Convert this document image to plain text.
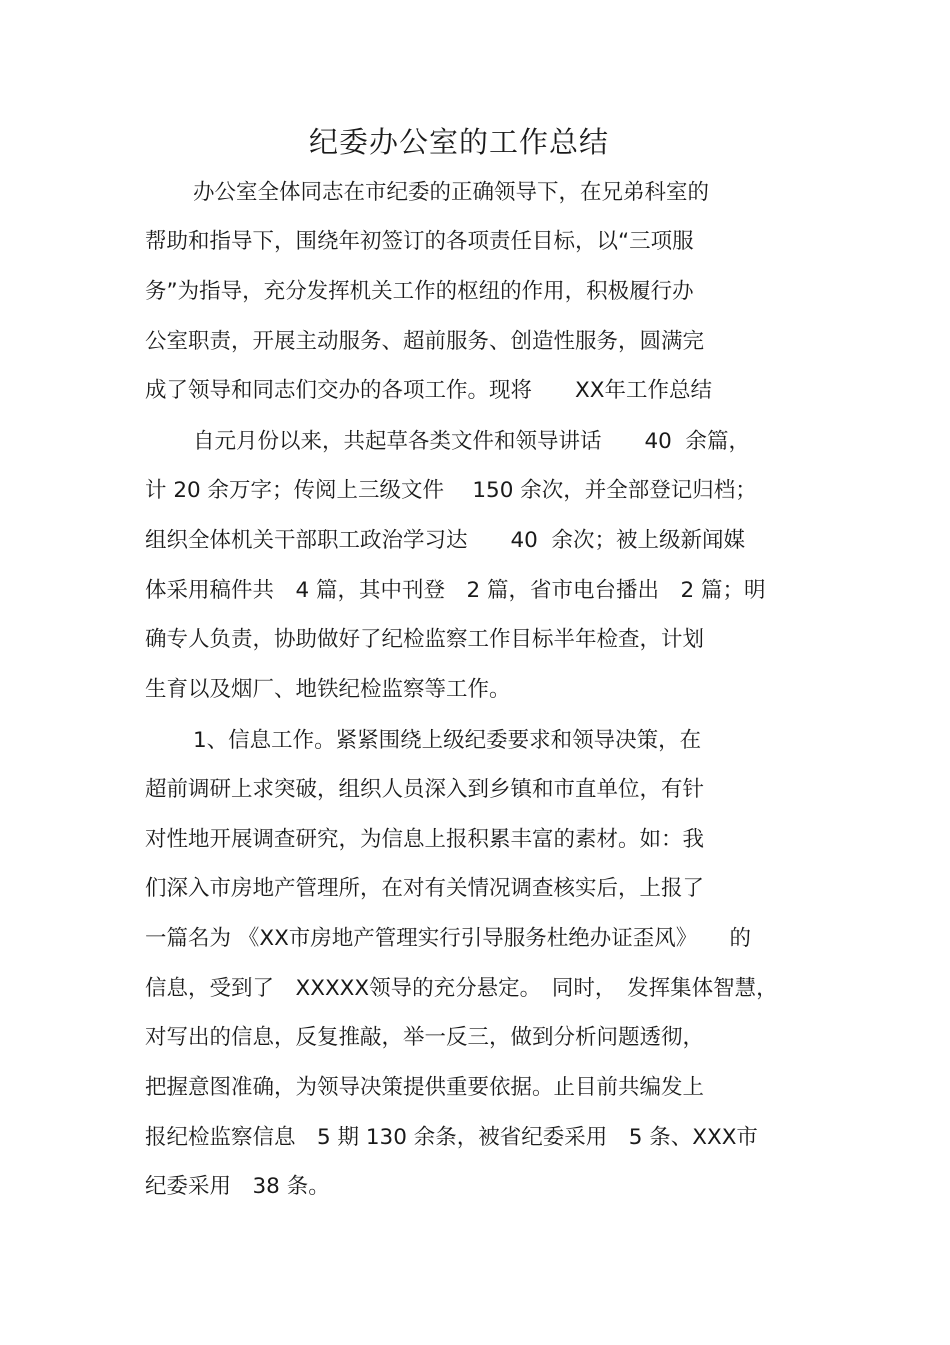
纪委办公室的工作总结
办公室全体同志在市纪委的正确领导下，在兄弟科室的
帮助和指导下，围绕年初签订的各项责任目标，以“三项服
务”为指导，充分发挥机关工作的枢纽的作用，积极履行办
公室职责，开展主动服务、超前服务、创造性服务，圆满完
成了领导和同志们交办的各项工作。现将　　XX年工作总结
自元月份以来，共起草各类文件和领导讲话　　40  余篇，
计 20 余万字；传阅上三级文件　 150 余次，并全部登记归档；
组织全体机关干部职工政治学习达　　40  余次；被上级新闻媒
体采用稿件共　4 篇，其中刊登　2 篇，省市电台播出　2 篇；明
确专人负责，协助做好了纪检监察工作目标半年检查，计划
生育以及烟厂、地铁纪检监察等工作。
1、信息工作。紧紧围绕上级纪委要求和领导决策，在
超前调研上求突破，组织人员深入到乡镇和市直单位，有针
对性地开展调查研究，为信息上报积累丰富的素材。如：我
们深入市房地产管理所，在对有关情况调查核实后，上报了
一篇名为 《XX市房地产管理实行引导服务杜绝办证歪风》　　的
信息，受到了　XXXXX领导的充分悬定。　同时，　发挥集体智慧，
对写出的信息，反复推敲，举一反三，做到分析问题透彻，
把握意图准确，为领导决策提供重要依据。止目前共编发上
报纪检监察信息　5 期 130 余条，被省纪委采用　5 条、XXX市
纪委采用　38 条。
